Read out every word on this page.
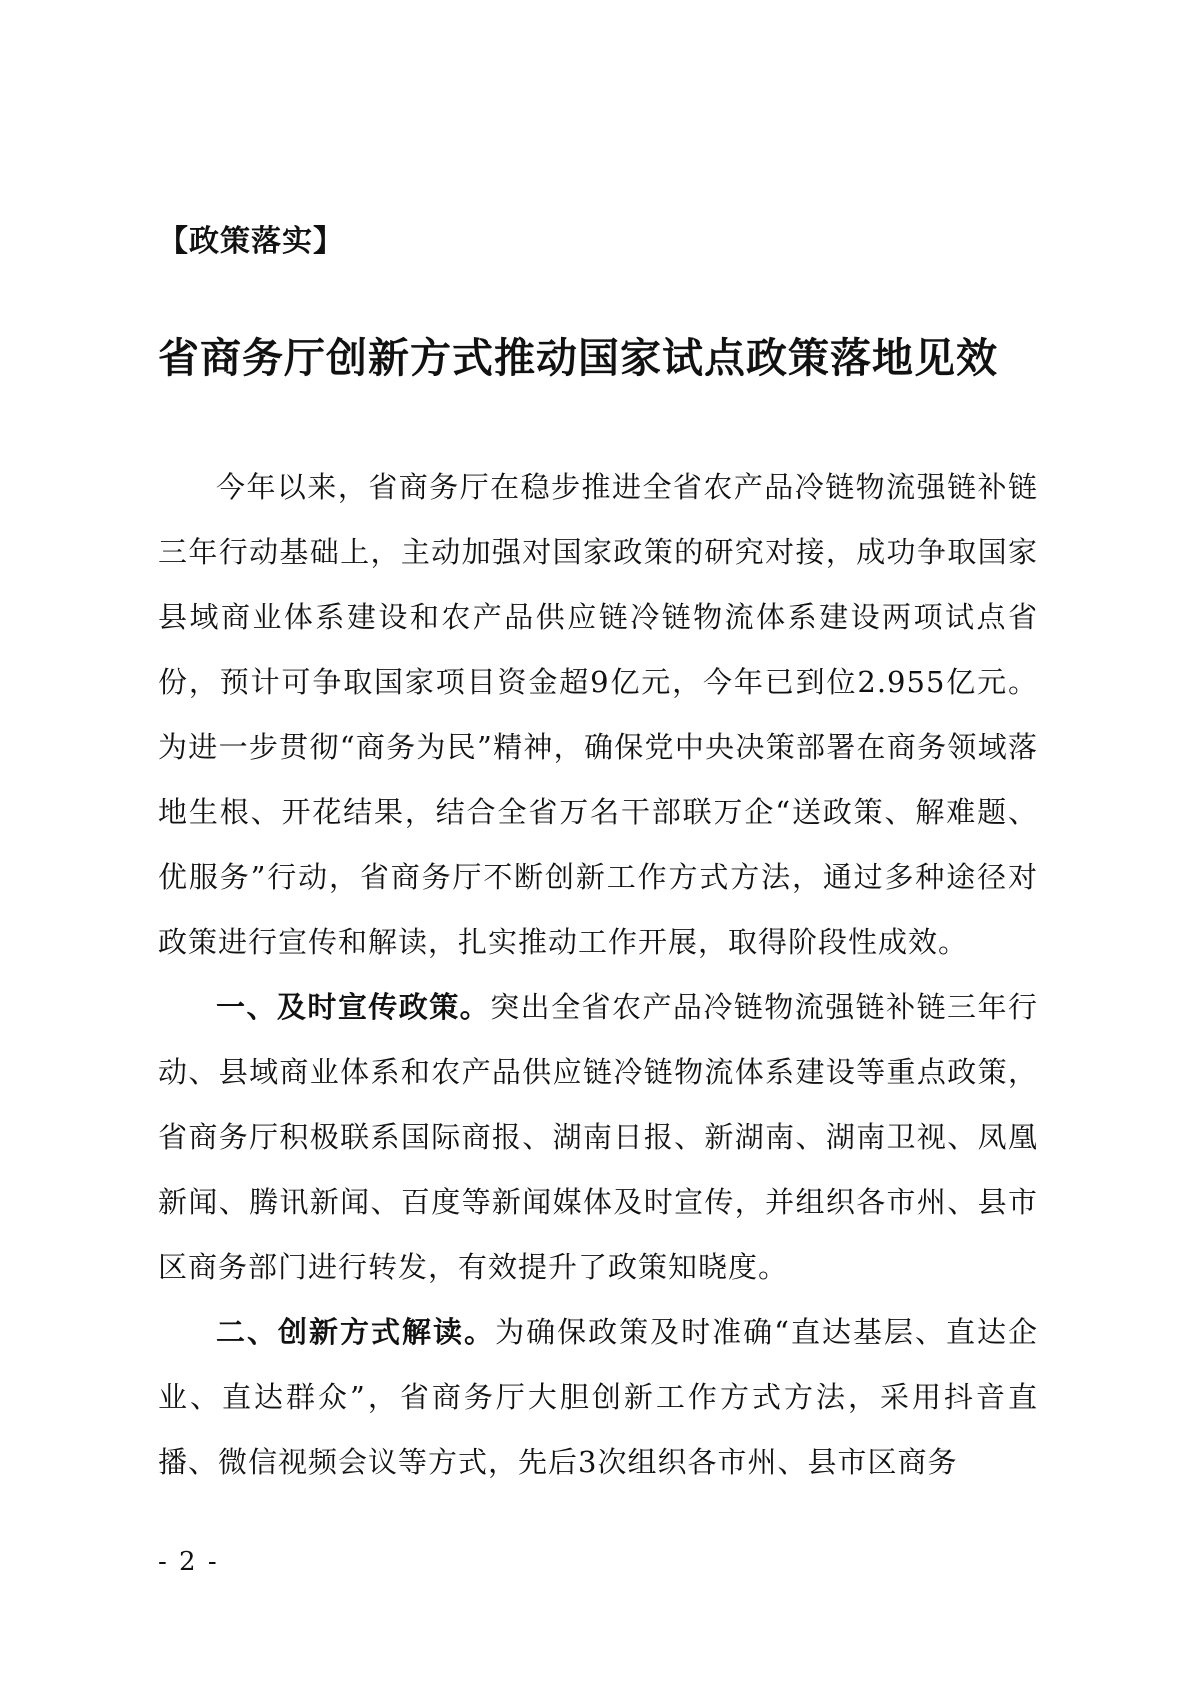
【政策落实】
省商务厅创新方式推动国家试点政策落地见效

今年以来，省商务厅在稳步推进全省农产品冷链物流强链补链三年行动基础上，主动加强对国家政策的研究对接，成功争取国家县域商业体系建设和农产品供应链冷链物流体系建设两项试点省份，预计可争取国家项目资金超9亿元，今年已到位2.955亿元。为进一步贯彻“商务为民”精神，确保党中央决策部署在商务领域落地生根、开花结果，结合全省万名干部联万企“送政策、解难题、优服务”行动，省商务厅不断创新工作方式方法，通过多种途径对政策进行宣传和解读，扎实推动工作开展，取得阶段性成效。

一、及时宣传政策。突出全省农产品冷链物流强链补链三年行动、县域商业体系和农产品供应链冷链物流体系建设等重点政策，省商务厅积极联系国际商报、湖南日报、新湖南、湖南卫视、凤凰新闻、腾讯新闻、百度等新闻媒体及时宣传，并组织各市州、县市区商务部门进行转发，有效提升了政策知晓度。

二、创新方式解读。为确保政策及时准确“直达基层、直达企业、直达群众”，省商务厅大胆创新工作方式方法，采用抖音直播、微信视频会议等方式，先后3次组织各市州、县市区商务

- 2 -
